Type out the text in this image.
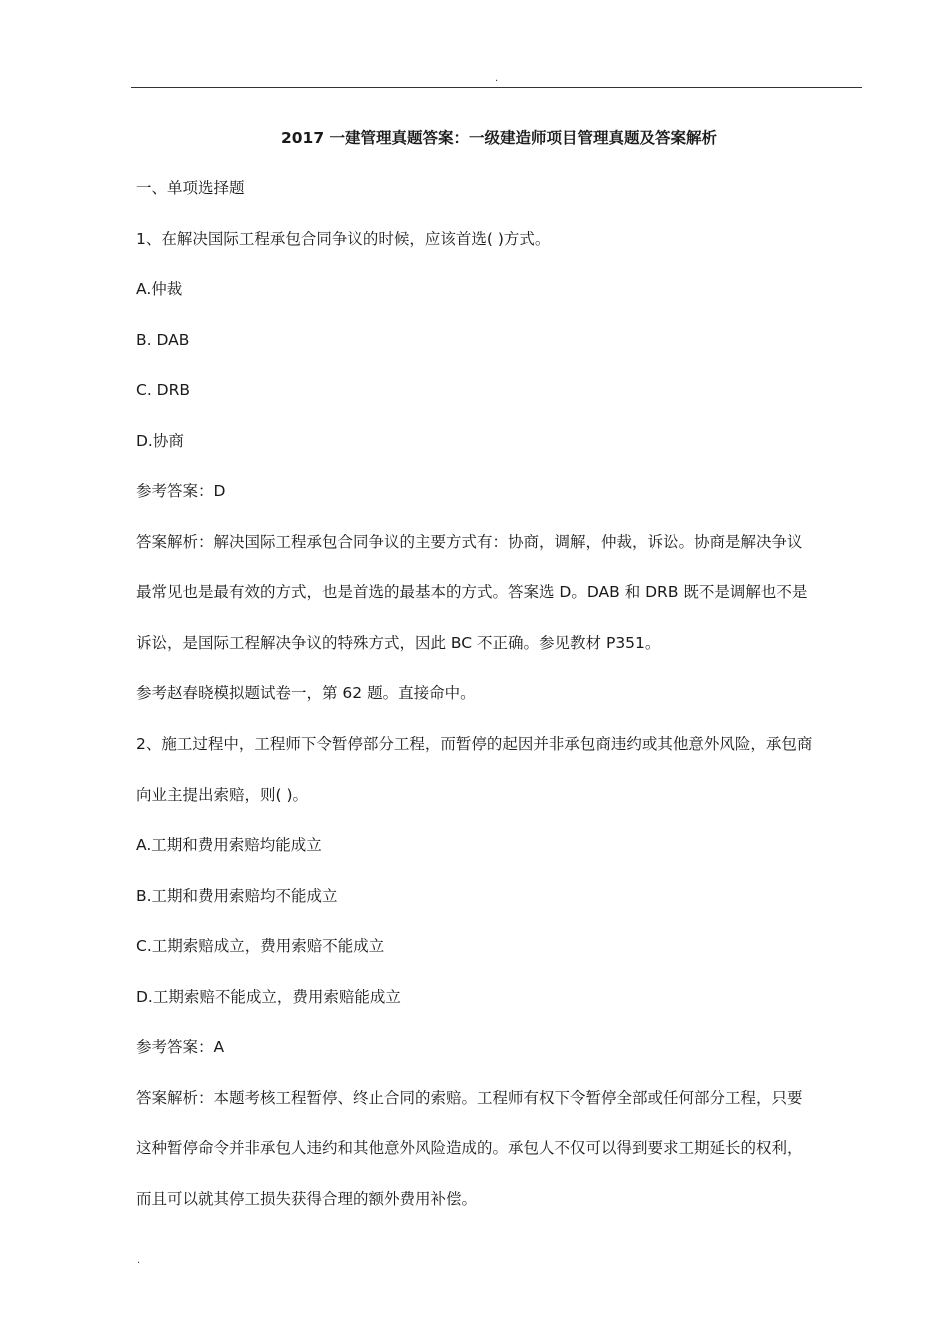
.
2017 一建管理真题答案：一级建造师项目管理真题及答案解析
一、单项选择题
1、在解决国际工程承包合同争议的时候，应该首选( )方式。
A.仲裁
B. DAB
C. DRB
D.协商
参考答案：D
答案解析：解决国际工程承包合同争议的主要方式有：协商，调解，仲裁，诉讼。协商是解决争议
最常见也是最有效的方式，也是首选的最基本的方式。答案选 D。DAB 和 DRB 既不是调解也不是
诉讼，是国际工程解决争议的特殊方式，因此 BC 不正确。参见教材 P351。
参考赵春晓模拟题试卷一，第 62 题。直接命中。
2、施工过程中，工程师下令暂停部分工程，而暂停的起因并非承包商违约或其他意外风险，承包商
向业主提出索赔，则( )。
A.工期和费用索赔均能成立
B.工期和费用索赔均不能成立
C.工期索赔成立，费用索赔不能成立
D.工期索赔不能成立，费用索赔能成立
参考答案：A
答案解析：本题考核工程暂停、终止合同的索赔。工程师有权下令暂停全部或任何部分工程，只要
这种暂停命令并非承包人违约和其他意外风险造成的。承包人不仅可以得到要求工期延长的权利，
而且可以就其停工损失获得合理的额外费用补偿。
.
